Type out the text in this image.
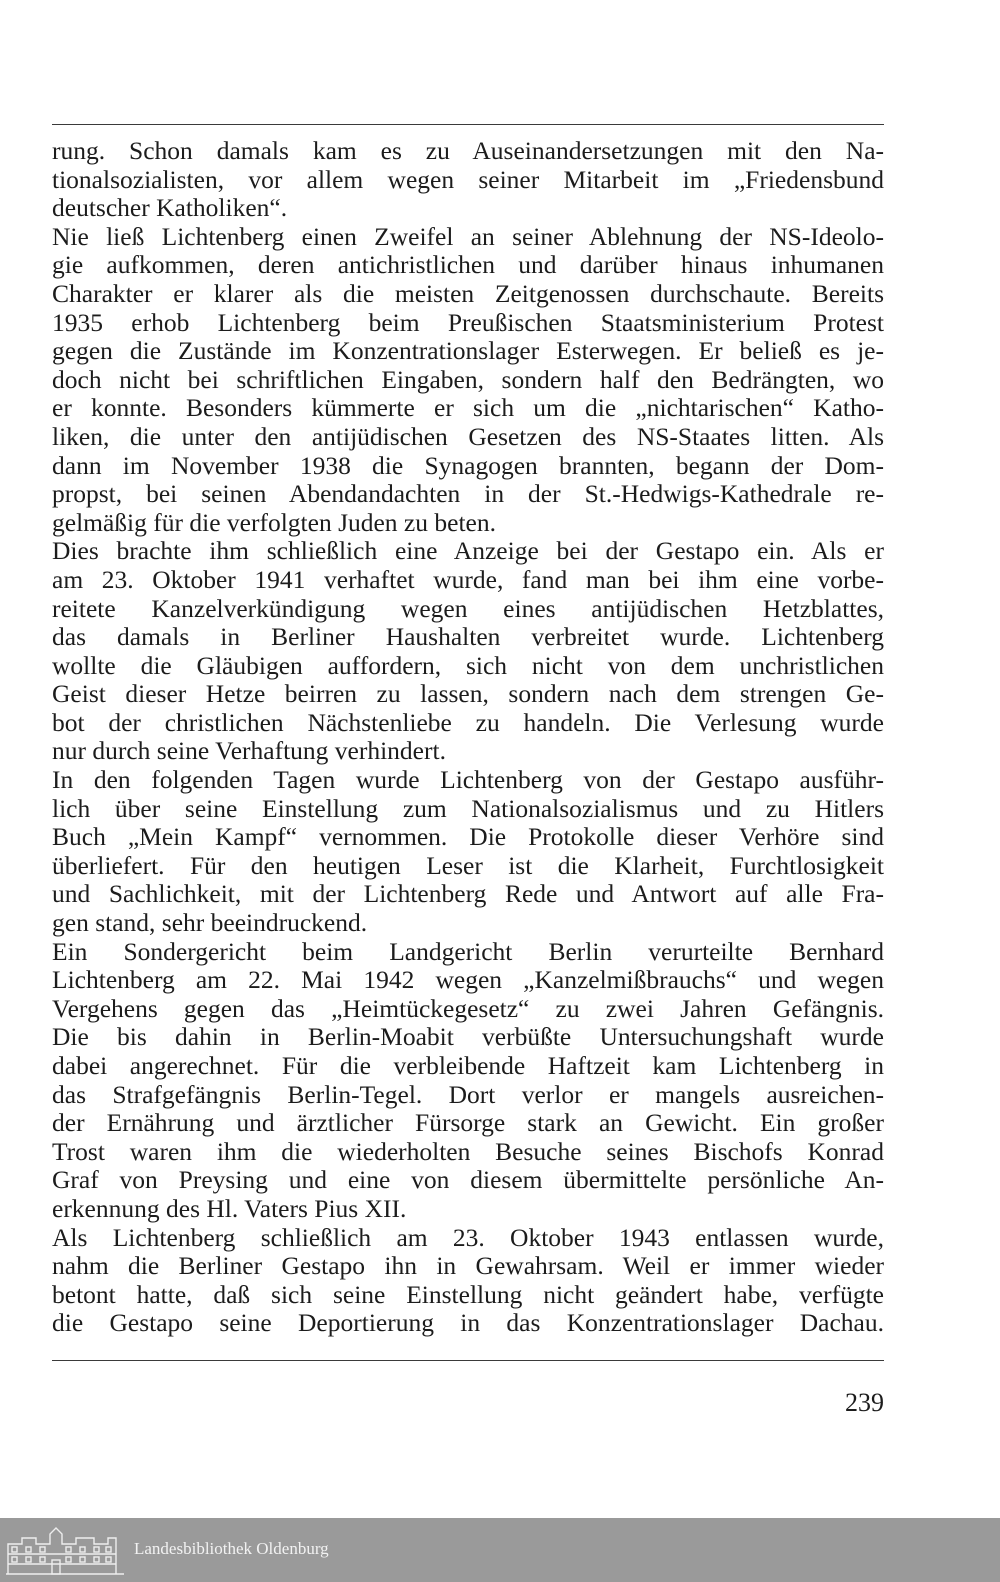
rung. Schon damals kam es zu Auseinandersetzungen mit den Na-
tionalsozialisten, vor allem wegen seiner Mitarbeit im „Friedensbund
deutscher Katholiken“.
Nie ließ Lichtenberg einen Zweifel an seiner Ablehnung der NS-Ideolo-
gie aufkommen, deren antichristlichen und darüber hinaus inhumanen
Charakter er klarer als die meisten Zeitgenossen durchschaute. Bereits
1935 erhob Lichtenberg beim Preußischen Staatsministerium Protest
gegen die Zustände im Konzentrationslager Esterwegen. Er beließ es je-
doch nicht bei schriftlichen Eingaben, sondern half den Bedrängten, wo
er konnte. Besonders kümmerte er sich um die „nichtarischen“ Katho-
liken, die unter den antijüdischen Gesetzen des NS-Staates litten. Als
dann im November 1938 die Synagogen brannten, begann der Dom-
propst, bei seinen Abendandachten in der St.-Hedwigs-Kathedrale re-
gelmäßig für die verfolgten Juden zu beten.
Dies brachte ihm schließlich eine Anzeige bei der Gestapo ein. Als er
am 23. Oktober 1941 verhaftet wurde, fand man bei ihm eine vorbe-
reitete Kanzelverkündigung wegen eines antijüdischen Hetzblattes,
das damals in Berliner Haushalten verbreitet wurde. Lichtenberg
wollte die Gläubigen auffordern, sich nicht von dem unchristlichen
Geist dieser Hetze beirren zu lassen, sondern nach dem strengen Ge-
bot der christlichen Nächstenliebe zu handeln. Die Verlesung wurde
nur durch seine Verhaftung verhindert.
In den folgenden Tagen wurde Lichtenberg von der Gestapo ausführ-
lich über seine Einstellung zum Nationalsozialismus und zu Hitlers
Buch „Mein Kampf“ vernommen. Die Protokolle dieser Verhöre sind
überliefert. Für den heutigen Leser ist die Klarheit, Furchtlosigkeit
und Sachlichkeit, mit der Lichtenberg Rede und Antwort auf alle Fra-
gen stand, sehr beeindruckend.
Ein Sondergericht beim Landgericht Berlin verurteilte Bernhard
Lichtenberg am 22. Mai 1942 wegen „Kanzelmißbrauchs“ und wegen
Vergehens gegen das „Heimtückegesetz“ zu zwei Jahren Gefängnis.
Die bis dahin in Berlin-Moabit verbüßte Untersuchungshaft wurde
dabei angerechnet. Für die verbleibende Haftzeit kam Lichtenberg in
das Strafgefängnis Berlin-Tegel. Dort verlor er mangels ausreichen-
der Ernährung und ärztlicher Fürsorge stark an Gewicht. Ein großer
Trost waren ihm die wiederholten Besuche seines Bischofs Konrad
Graf von Preysing und eine von diesem übermittelte persönliche An-
erkennung des Hl. Vaters Pius XII.
Als Lichtenberg schließlich am 23. Oktober 1943 entlassen wurde,
nahm die Berliner Gestapo ihn in Gewahrsam. Weil er immer wieder
betont hatte, daß sich seine Einstellung nicht geändert habe, verfügte
die Gestapo seine Deportierung in das Konzentrationslager Dachau.
239
Landesbibliothek Oldenburg
